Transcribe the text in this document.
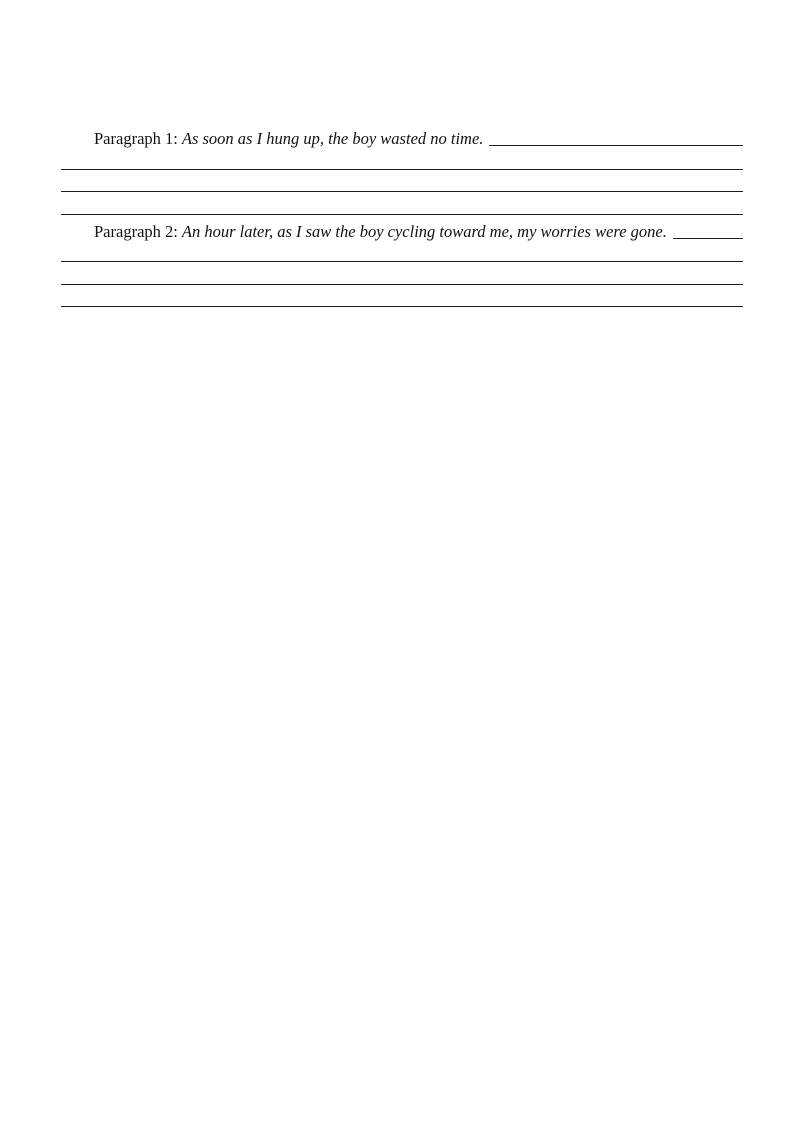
Paragraph 1: As soon as I hung up, the boy wasted no time.
Paragraph 2: An hour later, as I saw the boy cycling toward me, my worries were gone.
